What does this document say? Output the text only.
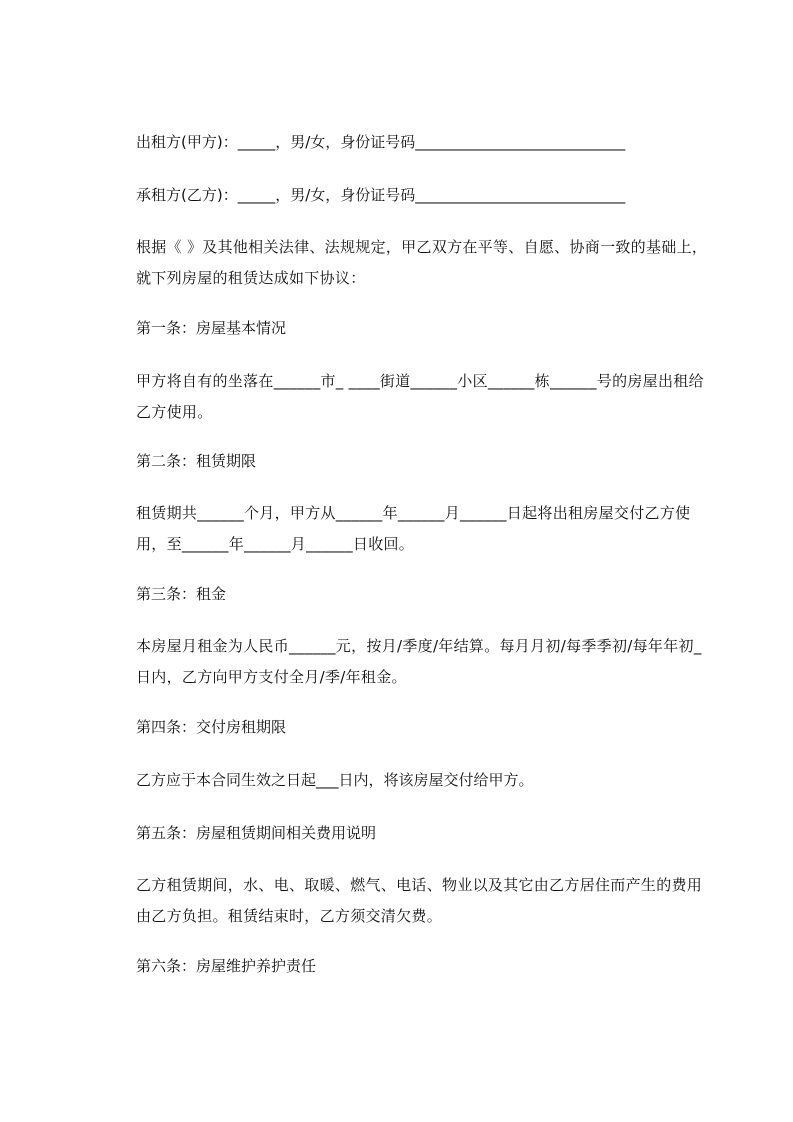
出租方(甲方)：_____，男/女，身份证号码____________________________
承租方(乙方)：_____，男/女，身份证号码____________________________
根据《 》及其他相关法律、法规规定，甲乙双方在平等、自愿、协商一致的基础上，就下列房屋的租赁达成如下协议：
第一条：房屋基本情况
甲方将自有的坐落在______市_ ____街道______小区______栋______号的房屋出租给乙方使用。
第二条：租赁期限
租赁期共______个月，甲方从______年______月______日起将出租房屋交付乙方使用，至______年______月______日收回。
第三条：租金
本房屋月租金为人民币______元，按月/季度/年结算。每月月初/每季季初/每年年初_日内，乙方向甲方支付全月/季/年租金。
第四条：交付房租期限
乙方应于本合同生效之日起___日内，将该房屋交付给甲方。
第五条：房屋租赁期间相关费用说明
乙方租赁期间，水、电、取暖、燃气、电话、物业以及其它由乙方居住而产生的费用由乙方负担。租赁结束时，乙方须交清欠费。
第六条：房屋维护养护责任
